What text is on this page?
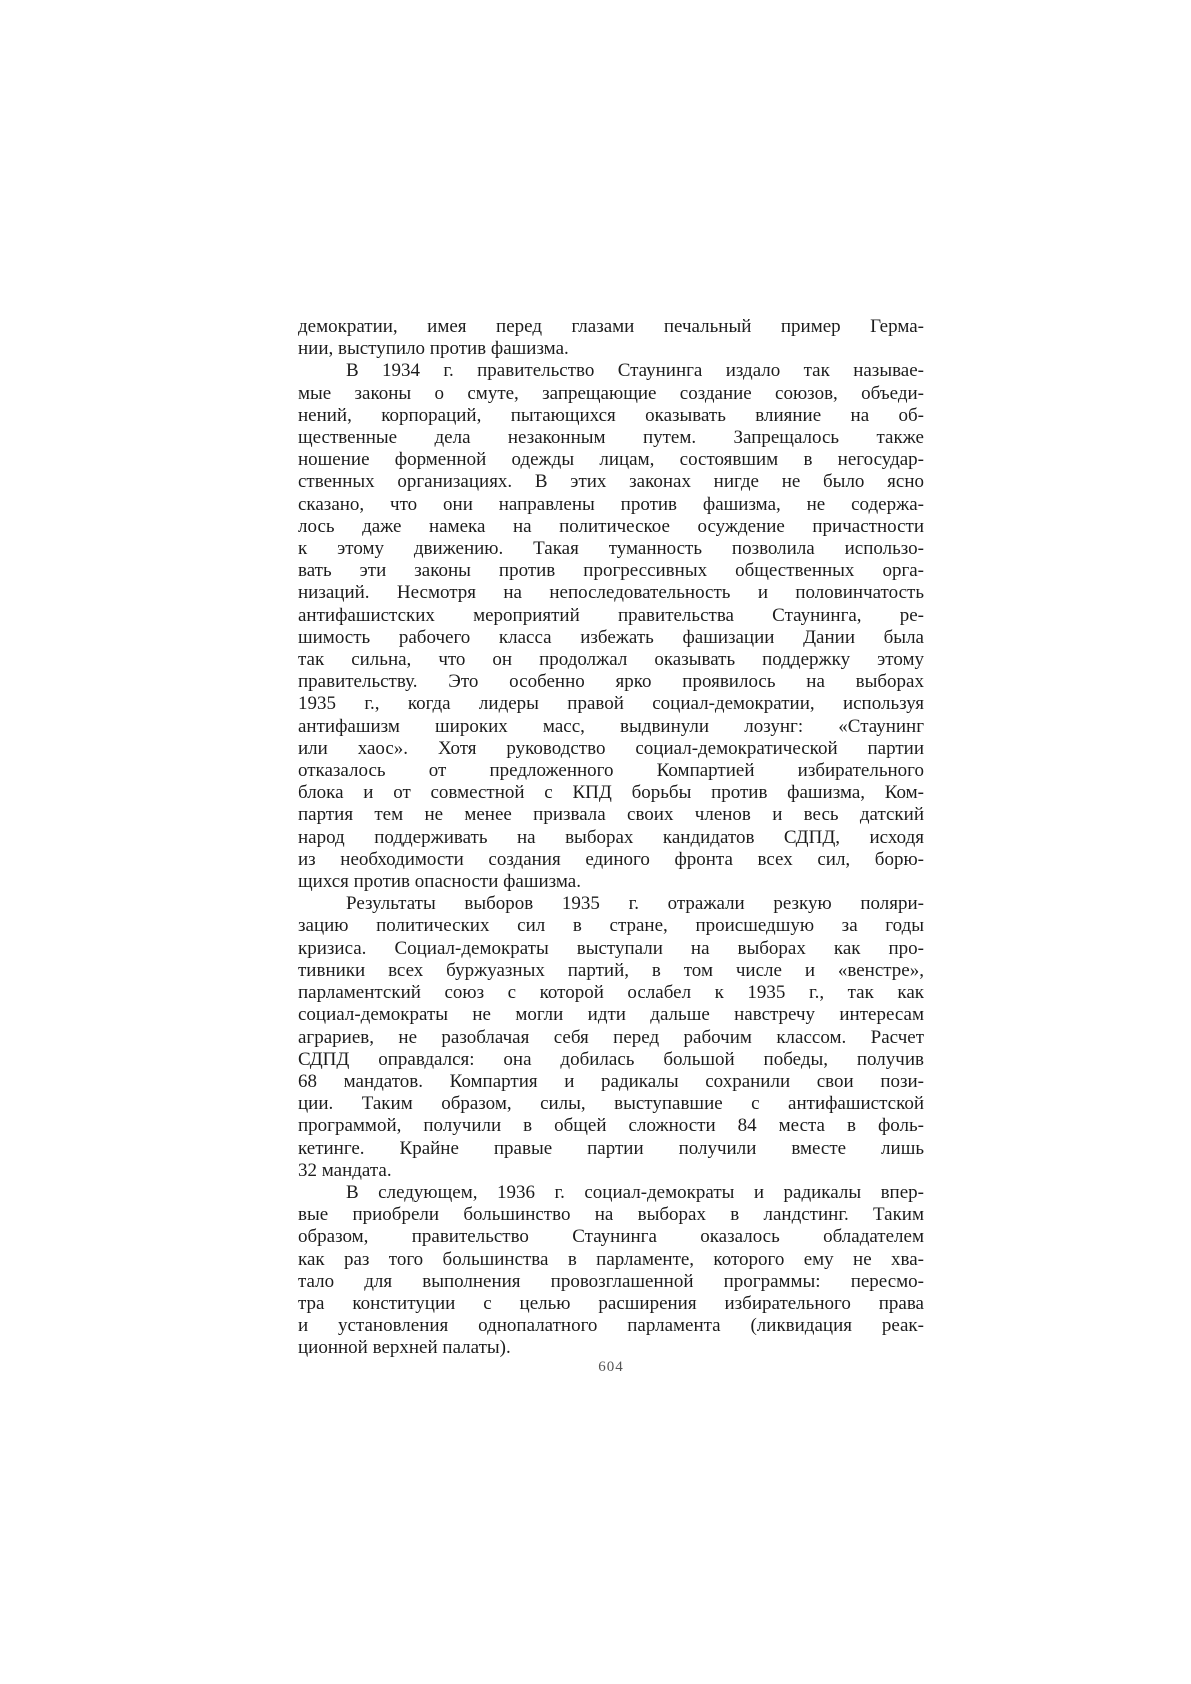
демократии, имея перед глазами печальный пример Герма-
нии, выступило против фашизма.
В 1934 г. правительство Стаунинга издало так называе-
мые законы о смуте, запрещающие создание союзов, объеди-
нений, корпораций, пытающихся оказывать влияние на об-
щественные дела незаконным путем. Запрещалось также
ношение форменной одежды лицам, состоявшим в негосудар-
ственных организациях. В этих законах нигде не было ясно
сказано, что они направлены против фашизма, не содержа-
лось даже намека на политическое осуждение причастности
к этому движению. Такая туманность позволила использо-
вать эти законы против прогрессивных общественных орга-
низаций. Несмотря на непоследовательность и половинчатость
антифашистских мероприятий правительства Стаунинга, ре-
шимость рабочего класса избежать фашизации Дании была
так сильна, что он продолжал оказывать поддержку этому
правительству. Это особенно ярко проявилось на выборах
1935 г., когда лидеры правой социал-демократии, используя
антифашизм широких масс, выдвинули лозунг: «Стаунинг
или хаос». Хотя руководство социал-демократической партии
отказалось от предложенного Компартией избирательного
блока и от совместной с КПД борьбы против фашизма, Ком-
партия тем не менее призвала своих членов и весь датский
народ поддерживать на выборах кандидатов СДПД, исходя
из необходимости создания единого фронта всех сил, борю-
щихся против опасности фашизма.
Результаты выборов 1935 г. отражали резкую поляри-
зацию политических сил в стране, происшедшую за годы
кризиса. Социал-демократы выступали на выборах как про-
тивники всех буржуазных партий, в том числе и «венстре»,
парламентский союз с которой ослабел к 1935 г., так как
социал-демократы не могли идти дальше навстречу интересам
аграриев, не разоблачая себя перед рабочим классом. Расчет
СДПД оправдался: она добилась большой победы, получив
68 мандатов. Компартия и радикалы сохранили свои пози-
ции. Таким образом, силы, выступавшие с антифашистской
программой, получили в общей сложности 84 места в фоль-
кетинге. Крайне правые партии получили вместе лишь
32 мандата.
В следующем, 1936 г. социал-демократы и радикалы впер-
вые приобрели большинство на выборах в ландстинг. Таким
образом, правительство Стаунинга оказалось обладателем
как раз того большинства в парламенте, которого ему не хва-
тало для выполнения провозглашенной программы: пересмо-
тра конституции с целью расширения избирательного права
и установления однопалатного парламента (ликвидация реак-
ционной верхней палаты).
604
